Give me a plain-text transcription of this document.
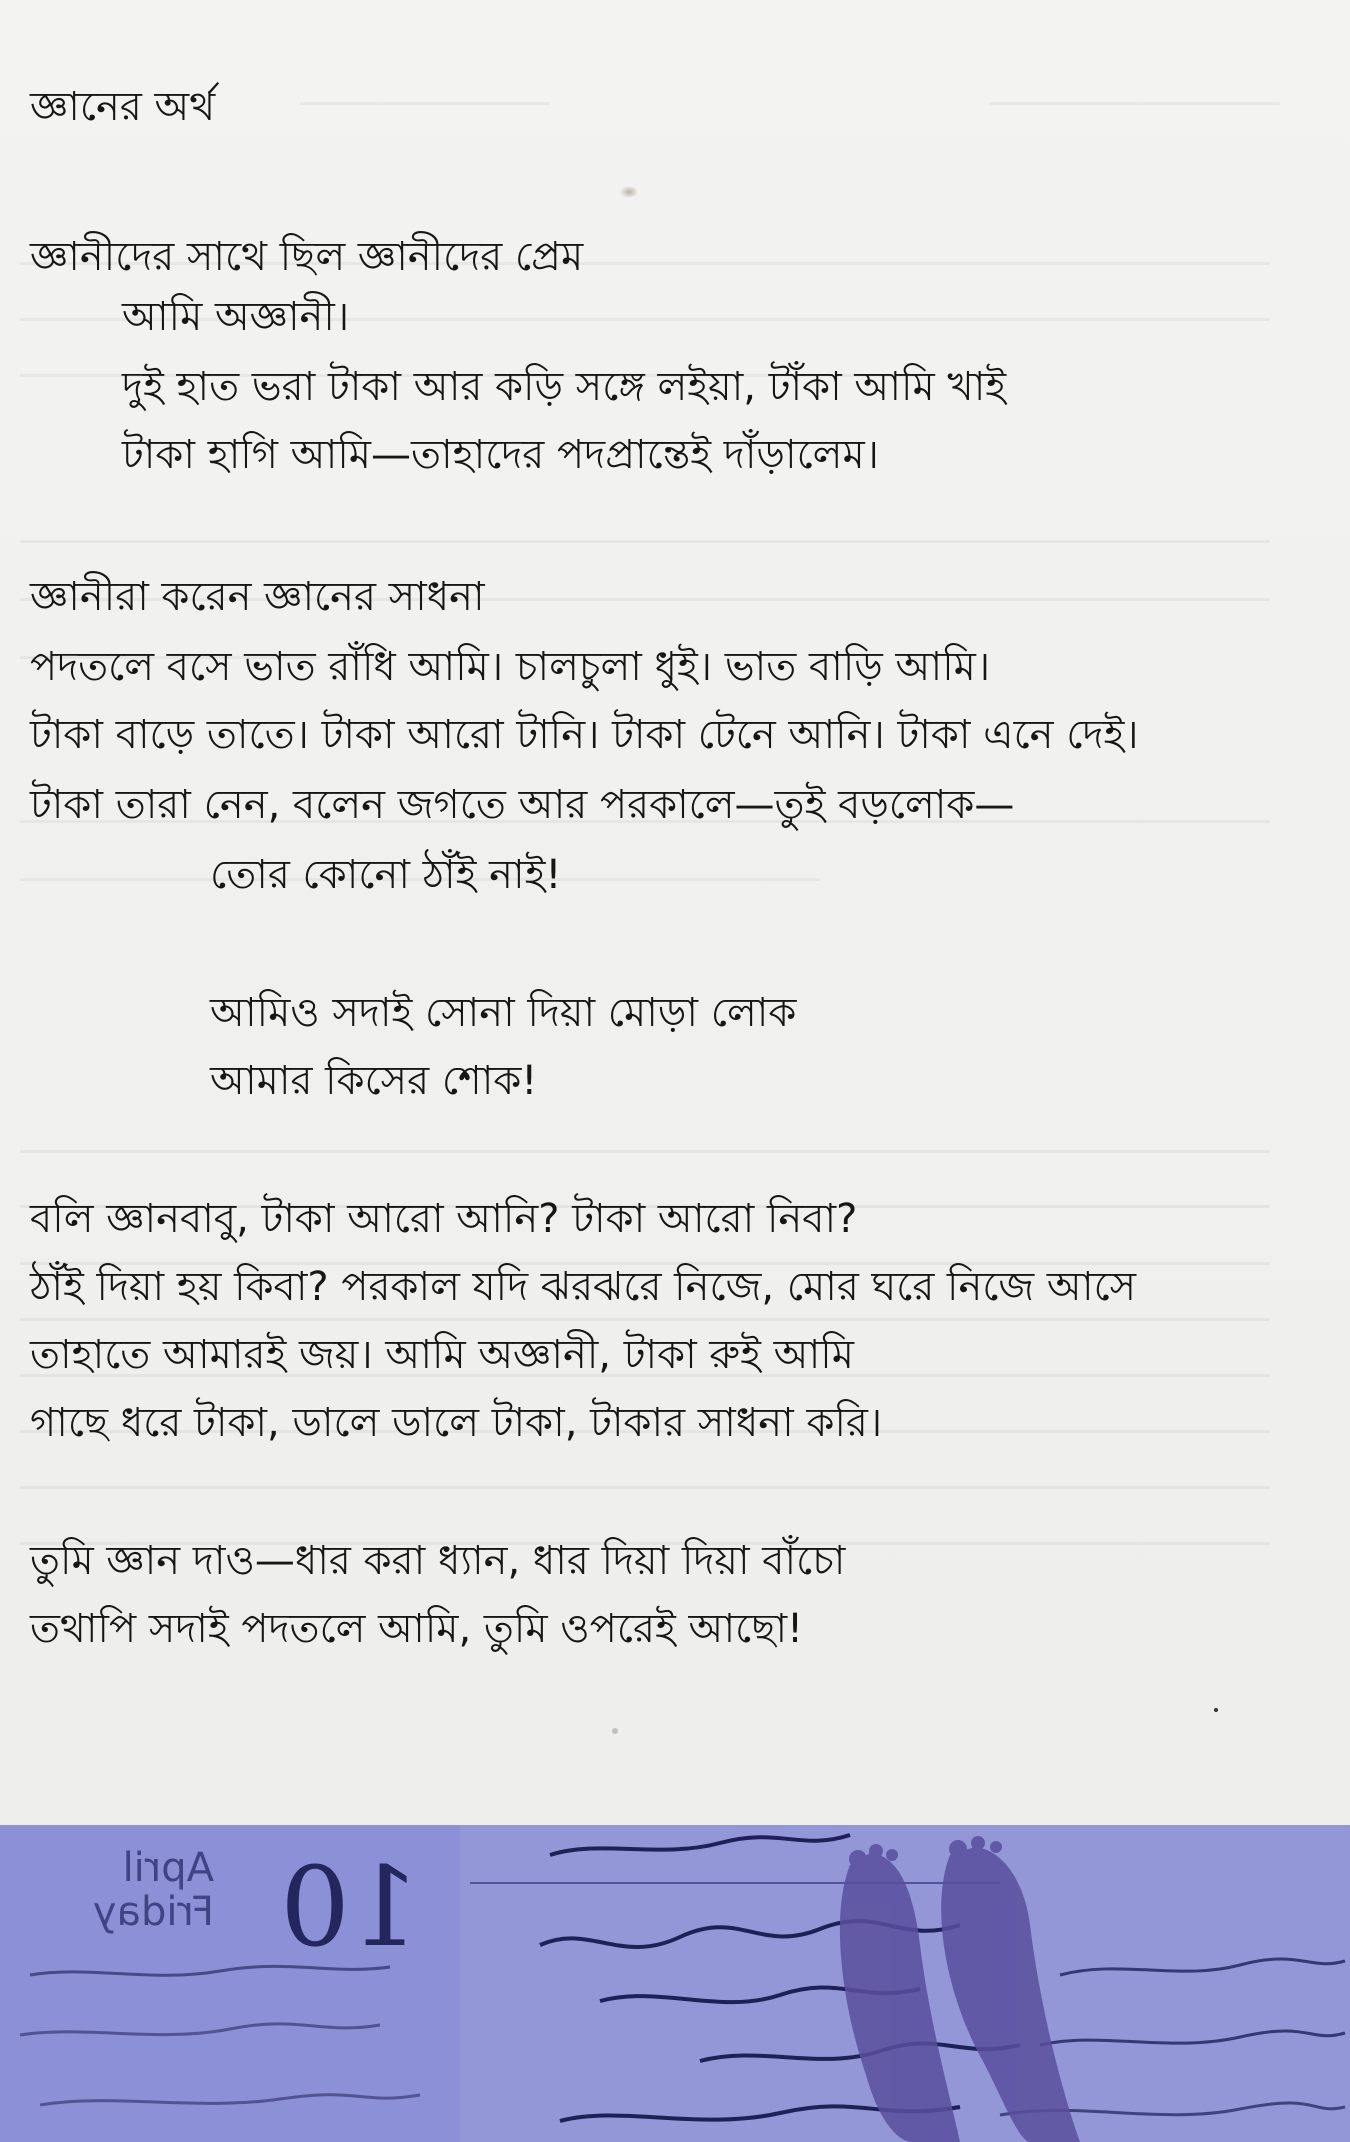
জ্ঞানের অর্থ

জ্ঞানীদের সাথে ছিল জ্ঞানীদের প্রেম

আমি অজ্ঞানী।

দুই হাত ভরা টাকা আর কড়ি সঙ্গে লইয়া, টাঁকা আমি খাই

টাকা হাগি আমি—তাহাদের পদপ্রান্তেই দাঁড়ালেম।

জ্ঞানীরা করেন জ্ঞানের সাধনা

পদতলে বসে ভাত রাঁধি আমি। চালচুলা ধুই। ভাত বাড়ি আমি।

টাকা বাড়ে তাতে। টাকা আরো টানি। টাকা টেনে আনি। টাকা এনে দেই।

টাকা তারা নেন, বলেন জগতে আর পরকালে—তুই বড়লোক—

তোর কোনো ঠাঁই নাই!

আমিও সদাই সোনা দিয়া মোড়া লোক

আমার কিসের শোক!

বলি জ্ঞানবাবু, টাকা আরো আনি? টাকা আরো নিবা?

ঠাঁই দিয়া হয় কিবা? পরকাল যদি ঝরঝরে নিজে, মোর ঘরে নিজে আসে

তাহাতে আমারই জয়। আমি অজ্ঞানী, টাকা রুই আমি

গাছে ধরে টাকা, ডালে ডালে টাকা, টাকার সাধনা করি।

তুমি জ্ঞান দাও—ধার করা ধ্যান, ধার দিয়া দিয়া বাঁচো

তথাপি সদাই পদতলে আমি, তুমি ওপরেই আছো!

April
Friday 10
